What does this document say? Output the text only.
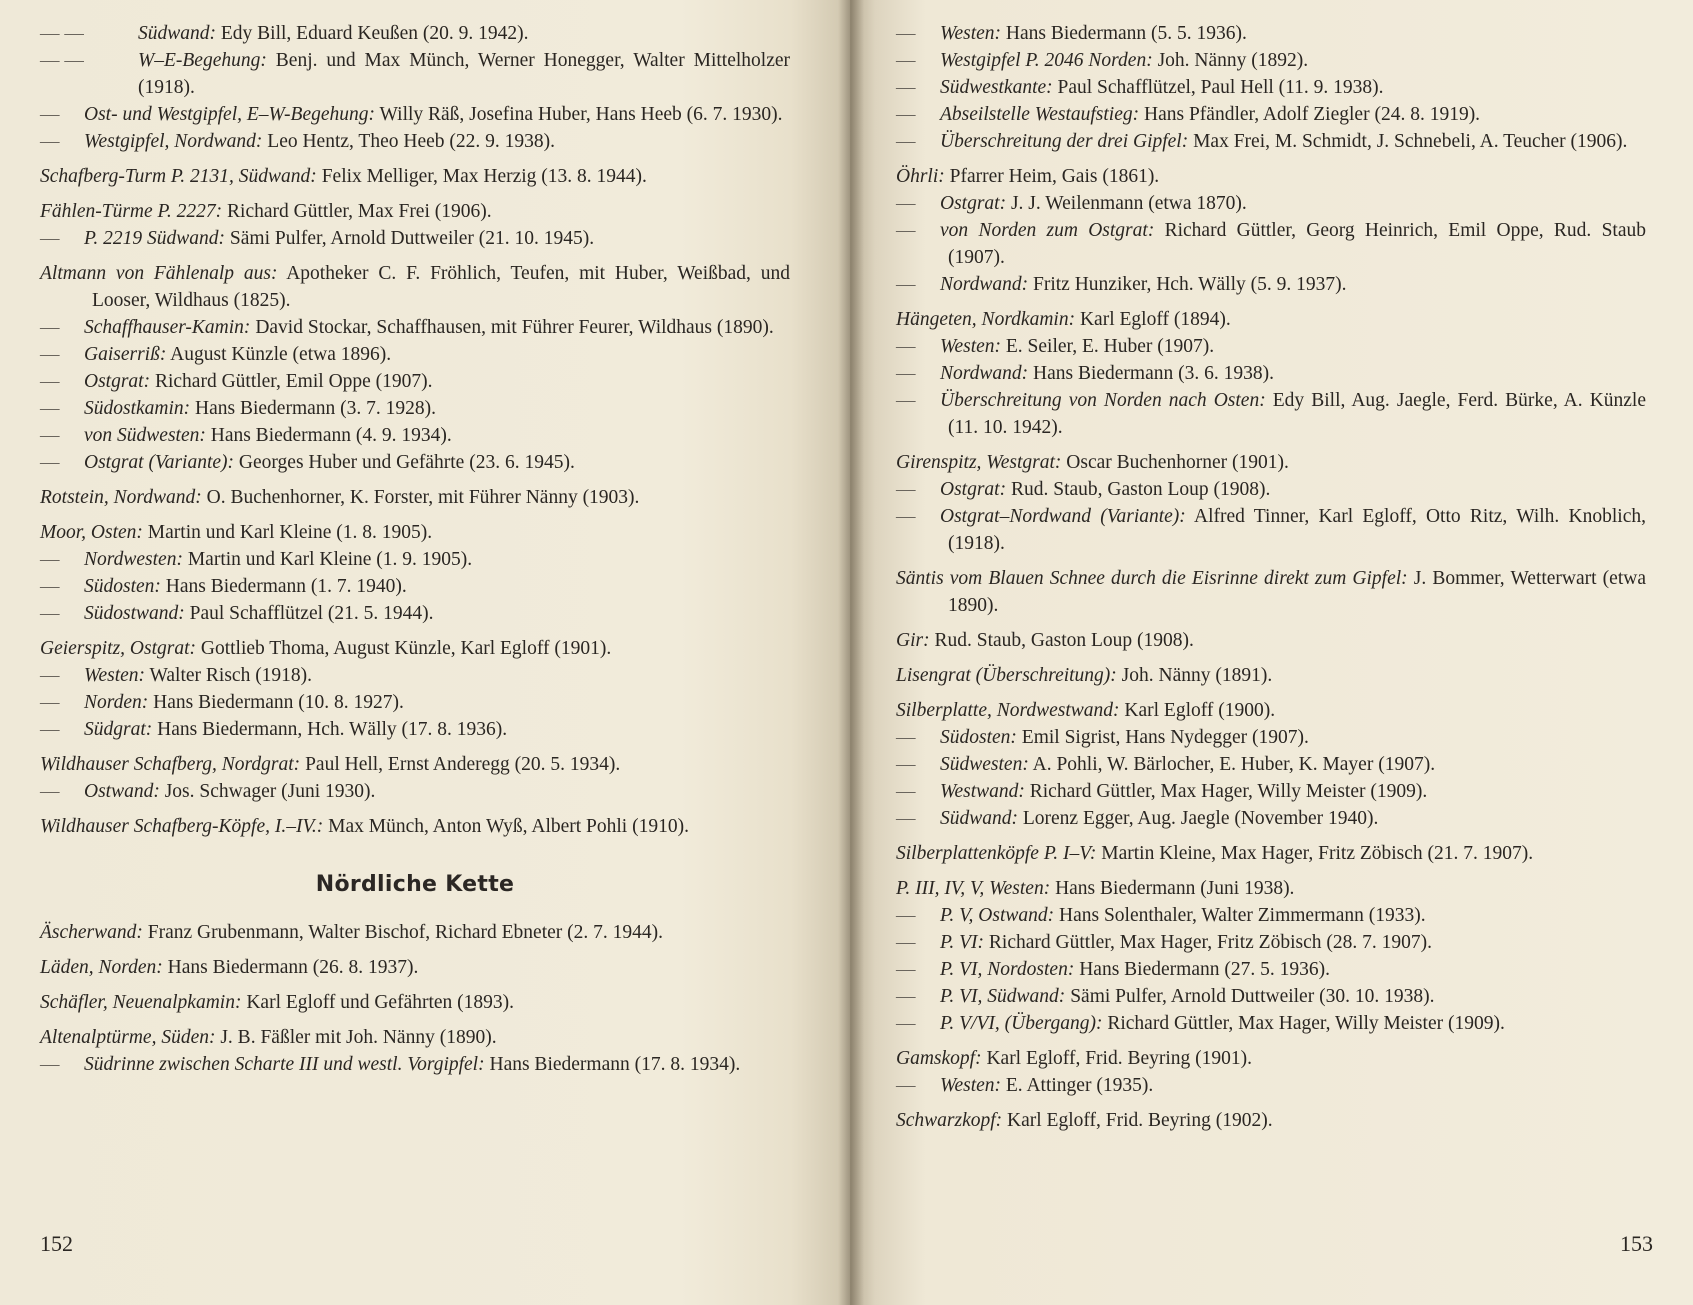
— —	Südwand: Edy Bill, Eduard Keußen (20. 9. 1942).
— —	W–E-Begehung: Benj. und Max Münch, Werner Honegger, Walter Mittelholzer (1918).
— Ost- und Westgipfel, E–W-Begehung: Willy Räß, Josefina Huber, Hans Heeb (6. 7. 1930).
— Westgipfel, Nordwand: Leo Hentz, Theo Heeb (22. 9. 1938).
Schafberg-Turm P. 2131, Südwand: Felix Melliger, Max Herzig (13. 8. 1944).
Fählen-Türme P. 2227: Richard Güttler, Max Frei (1906).
— P. 2219 Südwand: Sämi Pulfer, Arnold Duttweiler (21. 10. 1945).
Altmann von Fählenalp aus: Apotheker C. F. Fröhlich, Teufen, mit Huber, Weißbad, und Looser, Wildhaus (1825).
— Schaffhauser-Kamin: David Stockar, Schaffhausen, mit Führer Feurer, Wildhaus (1890).
— Gaiserriß: August Künzle (etwa 1896).
— Ostgrat: Richard Güttler, Emil Oppe (1907).
— Südostkamin: Hans Biedermann (3. 7. 1928).
— von Südwesten: Hans Biedermann (4. 9. 1934).
— Ostgrat (Variante): Georges Huber und Gefährte (23. 6. 1945).
Rotstein, Nordwand: O. Buchenhorner, K. Forster, mit Führer Nänny (1903).
Moor, Osten: Martin und Karl Kleine (1. 8. 1905).
— Nordwesten: Martin und Karl Kleine (1. 9. 1905).
— Südosten: Hans Biedermann (1. 7. 1940).
— Südostwand: Paul Schafflützel (21. 5. 1944).
Geierspitz, Ostgrat: Gottlieb Thoma, August Künzle, Karl Egloff (1901).
— Westen: Walter Risch (1918).
— Norden: Hans Biedermann (10. 8. 1927).
— Südgrat: Hans Biedermann, Hch. Wälly (17. 8. 1936).
Wildhauser Schafberg, Nordgrat: Paul Hell, Ernst Anderegg (20. 5. 1934).
— Ostwand: Jos. Schwager (Juni 1930).
Wildhauser Schafberg-Köpfe, I.–IV.: Max Münch, Anton Wyß, Albert Pohli (1910).
Nördliche Kette
Äscherwand: Franz Grubenmann, Walter Bischof, Richard Ebneter (2. 7. 1944).
Läden, Norden: Hans Biedermann (26. 8. 1937).
Schäfler, Neuenalpkamin: Karl Egloff und Gefährten (1893).
Altenalptürme, Süden: J. B. Fäßler mit Joh. Nänny (1890).
— Südrinne zwischen Scharte III und westl. Vorgipfel: Hans Biedermann (17. 8. 1934).
152
— Westen: Hans Biedermann (5. 5. 1936).
— Westgipfel P. 2046 Norden: Joh. Nänny (1892).
— Südwestkante: Paul Schafflützel, Paul Hell (11. 9. 1938).
— Abseilstelle Westaufstieg: Hans Pfändler, Adolf Ziegler (24. 8. 1919).
— Überschreitung der drei Gipfel: Max Frei, M. Schmidt, J. Schnebeli, A. Teucher (1906).
Öhrli: Pfarrer Heim, Gais (1861).
— Ostgrat: J. J. Weilenmann (etwa 1870).
— von Norden zum Ostgrat: Richard Güttler, Georg Heinrich, Emil Oppe, Rud. Staub (1907).
— Nordwand: Fritz Hunziker, Hch. Wälly (5. 9. 1937).
Hängeten, Nordkamin: Karl Egloff (1894).
— Westen: E. Seiler, E. Huber (1907).
— Nordwand: Hans Biedermann (3. 6. 1938).
— Überschreitung von Norden nach Osten: Edy Bill, Aug. Jaegle, Ferd. Bürke, A. Künzle (11. 10. 1942).
Girenspitz, Westgrat: Oscar Buchenhorner (1901).
— Ostgrat: Rud. Staub, Gaston Loup (1908).
— Ostgrat–Nordwand (Variante): Alfred Tinner, Karl Egloff, Otto Ritz, Wilh. Knoblich, (1918).
Säntis vom Blauen Schnee durch die Eisrinne direkt zum Gipfel: J. Bommer, Wetterwart (etwa 1890).
Gir: Rud. Staub, Gaston Loup (1908).
Lisengrat (Überschreitung): Joh. Nänny (1891).
Silberplatte, Nordwestwand: Karl Egloff (1900).
— Südosten: Emil Sigrist, Hans Nydegger (1907).
— Südwesten: A. Pohli, W. Bärlocher, E. Huber, K. Mayer (1907).
— Westwand: Richard Güttler, Max Hager, Willy Meister (1909).
— Südwand: Lorenz Egger, Aug. Jaegle (November 1940).
Silberplattenköpfe P. I–V: Martin Kleine, Max Hager, Fritz Zöbisch (21. 7. 1907).
P. III, IV, V, Westen: Hans Biedermann (Juni 1938).
— P. V, Ostwand: Hans Solenthaler, Walter Zimmermann (1933).
— P. VI: Richard Güttler, Max Hager, Fritz Zöbisch (28. 7. 1907).
— P. VI, Nordosten: Hans Biedermann (27. 5. 1936).
— P. VI, Südwand: Sämi Pulfer, Arnold Duttweiler (30. 10. 1938).
— P. V/VI, (Übergang): Richard Güttler, Max Hager, Willy Meister (1909).
Gamskopf: Karl Egloff, Frid. Beyring (1901).
— Westen: E. Attinger (1935).
Schwarzkopf: Karl Egloff, Frid. Beyring (1902).
153
